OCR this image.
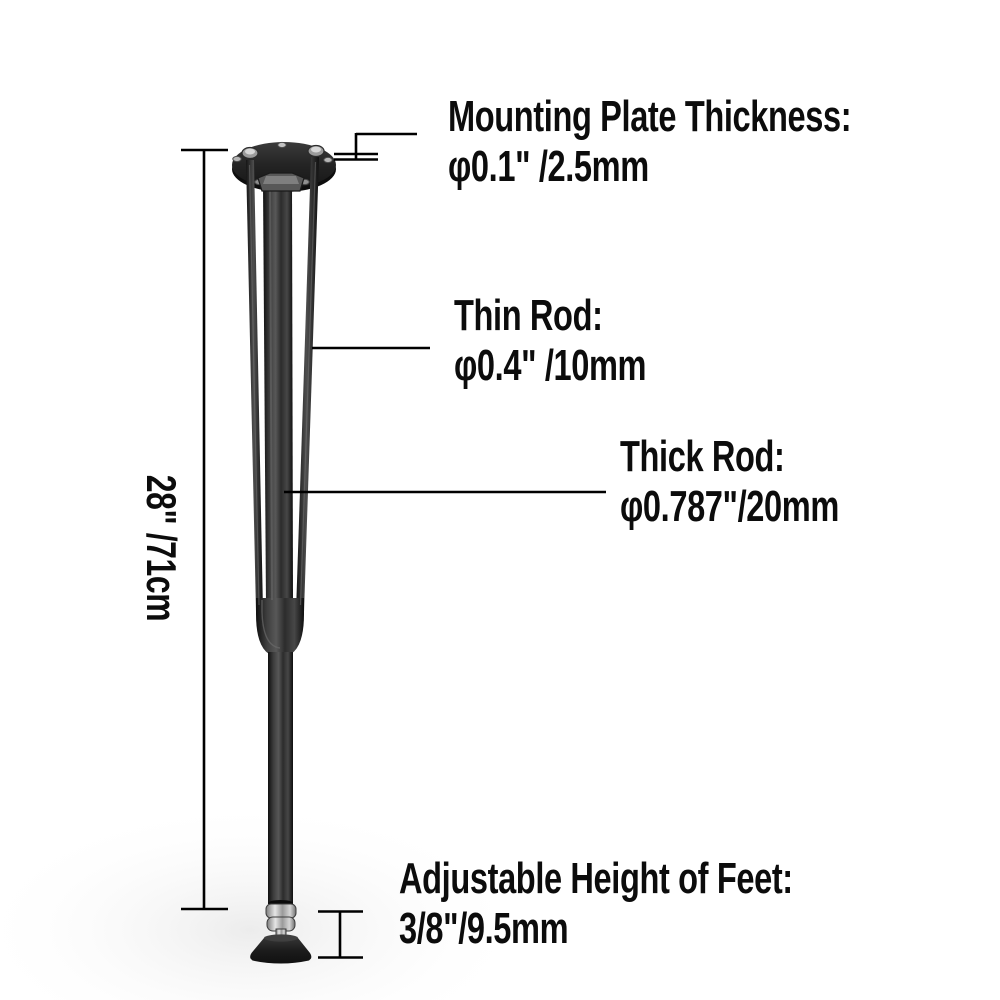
Mounting Plate Thickness:
φ0.1" /2.5mm
Thin Rod:
φ0.4" /10mm
Thick Rod:
φ0.787"/20mm
Adjustable Height of Feet:
3/8"/9.5mm
28" /71cm
